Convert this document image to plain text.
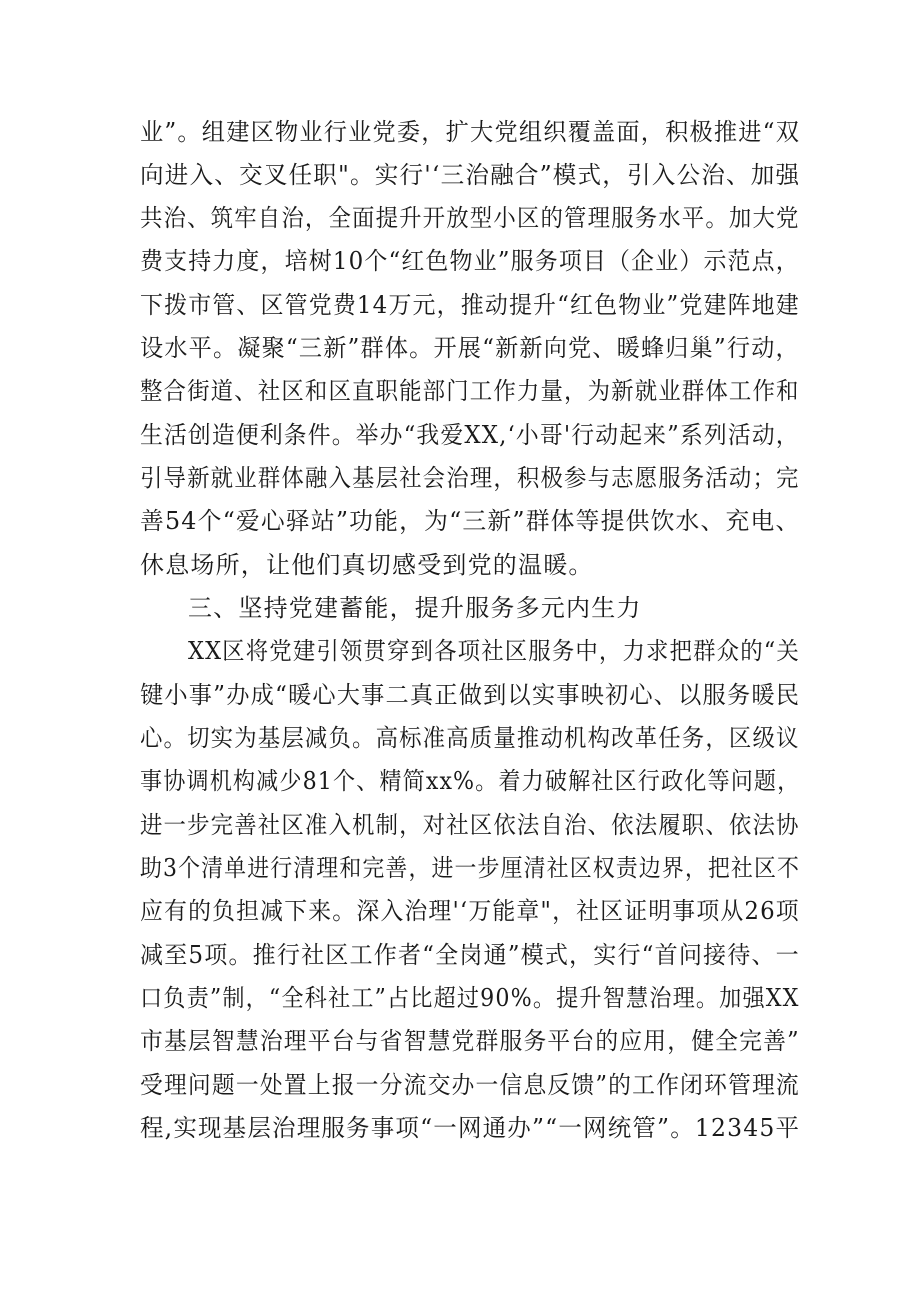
业”。组建区物业行业党委，扩大党组织覆盖面，积极推进“双
向进入、交叉任职"。实行'‘三治融合”模式，引入公治、加强
共治、筑牢自治，全面提升开放型小区的管理服务水平。加大党
费支持力度，培树10个“红色物业”服务项目（企业）示范点，
下拨市管、区管党费14万元，推动提升“红色物业”党建阵地建
设水平。凝聚“三新”群体。开展“新新向党、暖蜂归巢”行动，
整合街道、社区和区直职能部门工作力量，为新就业群体工作和
生活创造便利条件。举办“我爱XX,‘小哥'行动起来”系列活动，
引导新就业群体融入基层社会治理，积极参与志愿服务活动；完
善54个“爱心驿站”功能，为“三新”群体等提供饮水、充电、
休息场所，让他们真切感受到党的温暖。
三、坚持党建蓄能，提升服务多元内生力
XX区将党建引领贯穿到各项社区服务中，力求把群众的“关
键小事”办成“暖心大事二真正做到以实事映初心、以服务暖民
心。切实为基层减负。高标准高质量推动机构改革任务，区级议
事协调机构减少81个、精简xx%。着力破解社区行政化等问题，
进一步完善社区准入机制，对社区依法自治、依法履职、依法协
助3个清单进行清理和完善，进一步厘清社区权责边界，把社区不
应有的负担减下来。深入治理'‘万能章"，社区证明事项从26项
减至5项。推行社区工作者“全岗通”模式，实行“首问接待、一
口负责”制，“全科社工”占比超过90%。提升智慧治理。加强XX
市基层智慧治理平台与省智慧党群服务平台的应用，健全完善”
受理问题一处置上报一分流交办一信息反馈”的工作闭环管理流
程,实现基层治理服务事项“一网通办”“一网统管”。12345平
